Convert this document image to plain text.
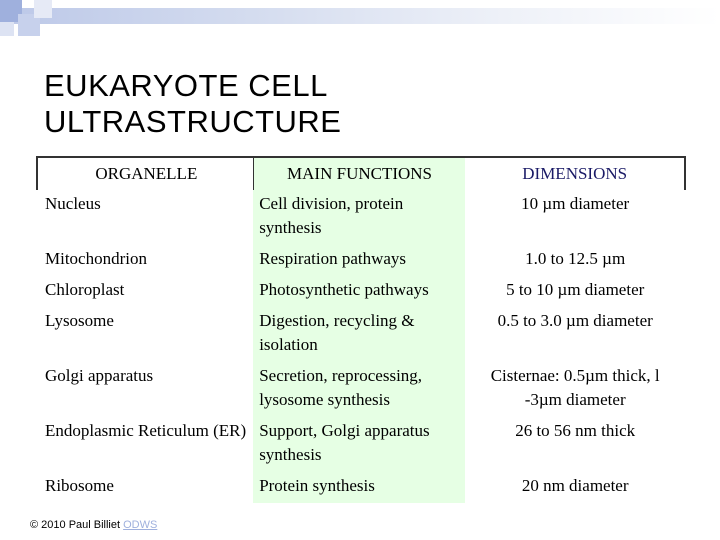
EUKARYOTE CELL
ULTRASTRUCTURE
ORGANELLE	MAIN FUNCTIONS	DIMENSIONS
Nucleus	Cell division, protein synthesis	10 µm diameter
Mitochondrion	Respiration pathways	1.0 to 12.5 µm
Chloroplast	Photosynthetic pathways	5 to 10 µm diameter
Lysosome	Digestion, recycling & isolation	0.5 to 3.0 µm diameter
Golgi apparatus	Secretion, reprocessing, lysosome synthesis	Cisternae: 0.5µm thick, l -3µm diameter
Endoplasmic Reticulum (ER)	Support, Golgi apparatus synthesis	26 to 56 nm thick
Ribosome	Protein synthesis	20 nm diameter
© 2010 Paul Billiet ODWS
